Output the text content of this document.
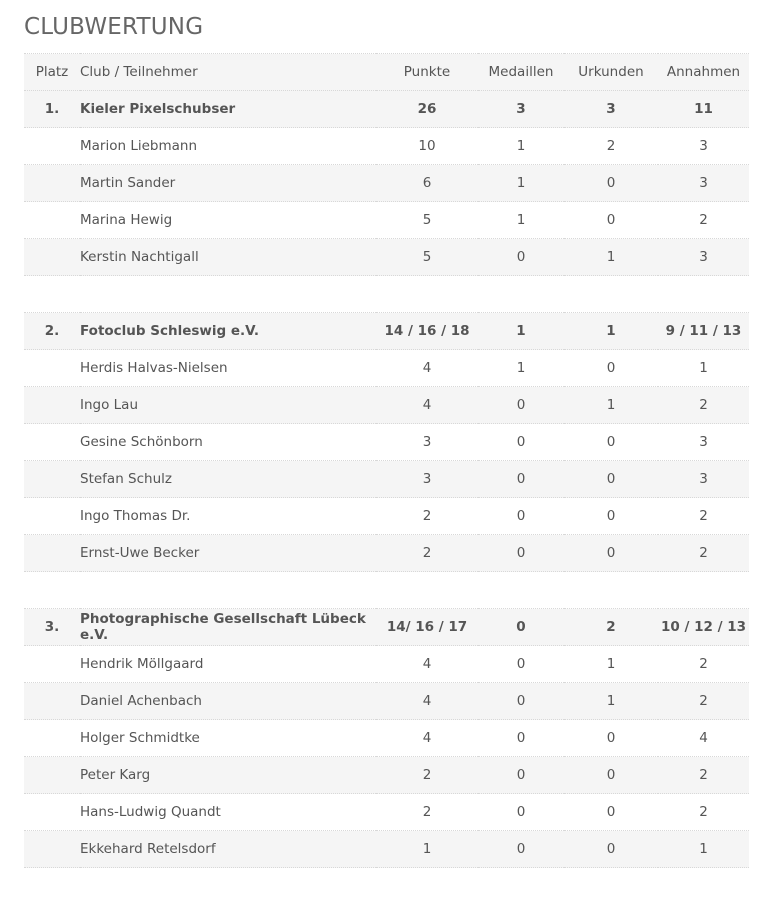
CLUBWERTUNG
Platz	Club / Teilnehmer	Punkte	Medaillen	Urkunden	Annahmen
1.	Kieler Pixelschubser	26	3	3	11
	Marion Liebmann	10	1	2	3
	Martin Sander	6	1	0	3
	Marina Hewig	5	1	0	2
	Kerstin Nachtigall	5	0	1	3

2.	Fotoclub Schleswig e.V.	14 / 16 / 18	1	1	9 / 11 / 13
	Herdis Halvas-Nielsen	4	1	0	1
	Ingo Lau	4	0	1	2
	Gesine Schönborn	3	0	0	3
	Stefan Schulz	3	0	0	3
	Ingo Thomas Dr.	2	0	0	2
	Ernst-Uwe Becker	2	0	0	2

3.	Photographische Gesellschaft Lübeck e.V.	14/ 16 / 17	0	2	10 / 12 / 13
	Hendrik Möllgaard	4	0	1	2
	Daniel Achenbach	4	0	1	2
	Holger Schmidtke	4	0	0	4
	Peter Karg	2	0	0	2
	Hans-Ludwig Quandt	2	0	0	2
	Ekkehard Retelsdorf	1	0	0	1
